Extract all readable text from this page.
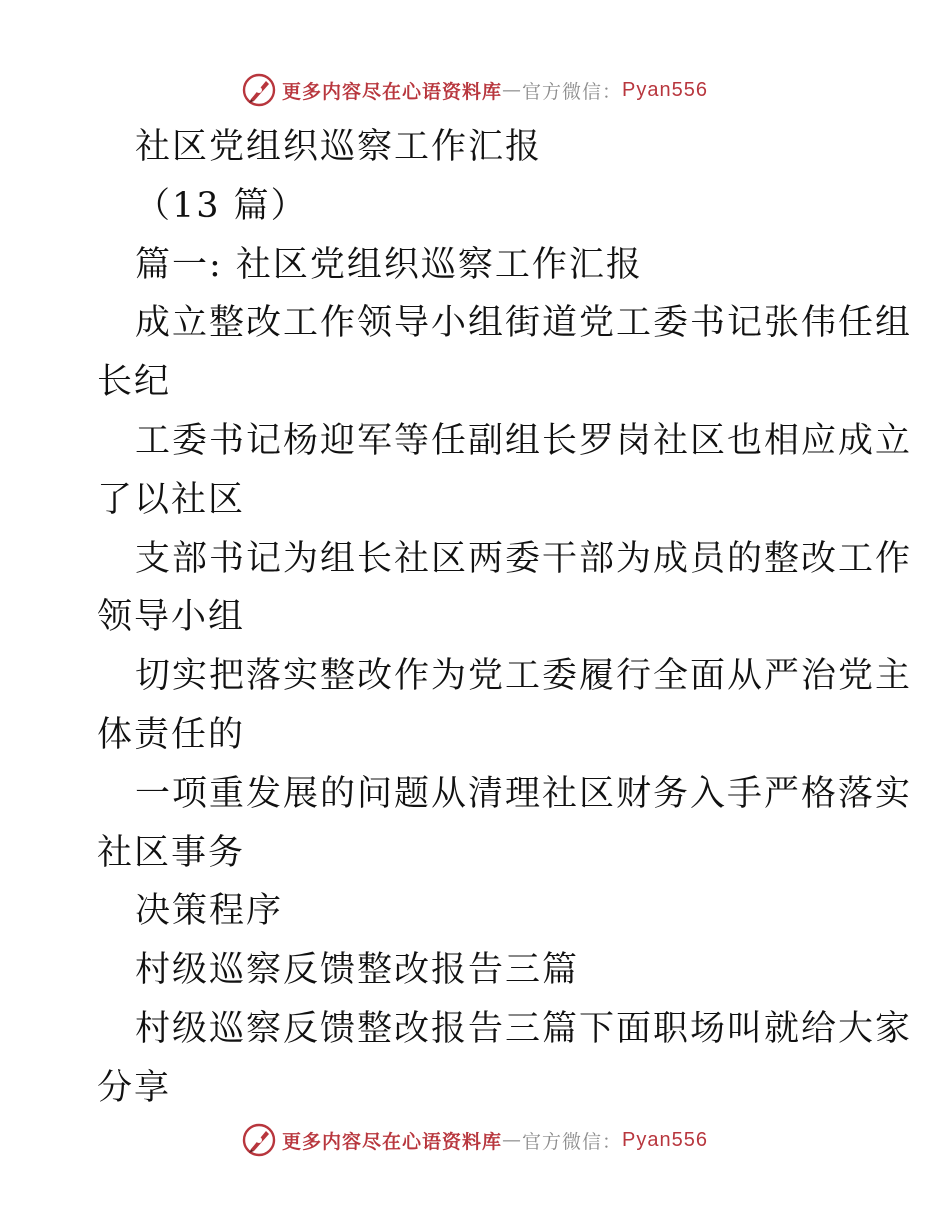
更多内容尽在心语资料库 — 官方微信： Pyan556
社区党组织巡察工作汇报
（13 篇）
篇一: 社区党组织巡察工作汇报
成立整改工作领导小组街道党工委书记张伟任组
长纪
工委书记杨迎军等任副组长罗岗社区也相应成立
了以社区
支部书记为组长社区两委干部为成员的整改工作
领导小组
切实把落实整改作为党工委履行全面从严治党主
体责任的
一项重发展的问题从清理社区财务入手严格落实
社区事务
决策程序
村级巡察反馈整改报告三篇
村级巡察反馈整改报告三篇下面职场叫就给大家
分享
更多内容尽在心语资料库 — 官方微信： Pyan556
